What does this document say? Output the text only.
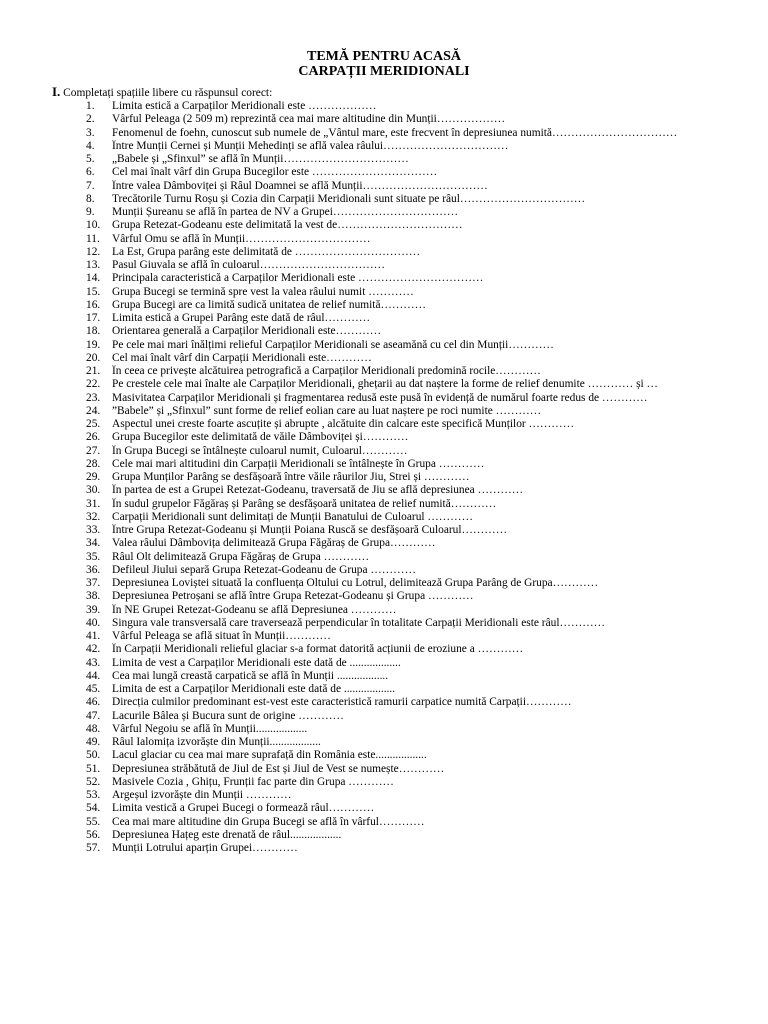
TEMĂ PENTRU ACASĂ
CARPAȚII MERIDIONALI
I. Completați spațiile libere cu răspunsul corect:
1.	Limita estică a Carpaților Meridionali este ………………
2.	Vârful Peleaga (2 509 m) reprezintă cea mai mare altitudine din Munții………………
3.	Fenomenul de foehn, cunoscut sub numele de „Vântul mare, este frecvent în depresiunea numită……………………………
4.	Între Munții Cernei și Munții Mehedinți se află valea râului……………………………
5.	„Babele și „Sfinxul” se află în Munții……………………………
6.	Cel mai înalt vârf din Grupa Bucegilor este ……………………………
7.	Între valea Dâmboviței și Râul Doamnei se află Munții……………………………
8.	Trecătorile Turnu Roșu și Cozia din Carpații Meridionali sunt situate pe râul……………………………
9.	Munții Șureanu se află în partea de NV a Grupei……………………………
10.	Grupa Retezat-Godeanu este delimitată la vest de……………………………
11.	Vârful Omu se află în Munții……………………………
12.	La Est, Grupa parâng este delimitată de ……………………………
13.	Pasul Giuvala se află în culoarul……………………………
14.	Principala caracteristică a Carpaților Meridionali este ……………………………
15.	Grupa Bucegi se termină spre vest la valea râului numit …………
16.	Grupa Bucegi are ca limită sudică unitatea de relief numită…………
17.	Limita estică a Grupei Parâng este dată de râul…………
18.	Orientarea generală a Carpaților Meridionali este…………
19.	Pe cele mai mari înălțimi relieful Carpaților Meridionali se aseamănă cu cel din Munții…………
20.	Cel mai înalt vârf din Carpații Meridionali este…………
21.	În ceea ce privește alcătuirea petrografică a Carpaților Meridionali predomină rocile…………
22.	Pe crestele cele mai înalte ale Carpaților Meridionali, ghețarii au dat naștere la forme de relief denumite ………… și …
23.	Masivitatea Carpaților Meridionali și fragmentarea redusă este pusă în evidență de numărul foarte redus de …………
24.	”Babele” și „Sfinxul” sunt forme de relief eolian care au luat naștere pe roci numite …………
25.	Aspectul unei creste foarte ascuțite și abrupte , alcătuite din calcare este specifică Munților …………
26.	Grupa Bucegilor este delimitată de văile Dâmboviței și…………
27.	În Grupa Bucegi se întâlnește culoarul numit, Culoarul…………
28.	Cele mai mari altitudini din Carpații Meridionali se întâlnește în Grupa …………
29.	Grupa Munților Parâng se desfășoară între văile râurilor Jiu, Strei și …………
30.	În partea de est a Grupei Retezat-Godeanu, traversată de Jiu se află depresiunea …………
31.	În sudul grupelor Făgăraș și Parâng se desfășoară unitatea de relief numită…………
32.	Carpații Meridionali sunt delimitați de Munții Banatului de Culoarul …………
33.	Între Grupa Retezat-Godeanu și Munții Poiana Ruscă se desfășoară Culoarul…………
34.	Valea râului Dâmbovița delimitează Grupa Făgăraș de Grupa…………
35.	Râul Olt delimitează Grupa Făgăraș de Grupa …………
36.	Defileul Jiului separă Grupa Retezat-Godeanu de Grupa …………
37.	Depresiunea Loviștei situată la confluența Oltului cu Lotrul, delimitează Grupa Parâng de Grupa…………
38.	Depresiunea Petroșani se află între Grupa Retezat-Godeanu și Grupa …………
39.	În NE Grupei Retezat-Godeanu se află Depresiunea …………
40.	Singura vale transversală care traversează perpendicular în totalitate Carpații Meridionali este râul…………
41.	Vârful Peleaga se află situat în Munții…………
42.	În Carpații Meridionali relieful glaciar s-a format datorită acțiunii de eroziune a …………
43.	Limita de vest a Carpaților Meridionali este dată de ..................
44.	Cea mai lungă creastă carpatică se află în Munții ..................
45.	Limita de est a Carpaților Meridionali este dată de ..................
46.	Direcția culmilor predominant est-vest este caracteristică ramurii carpatice numită Carpații…………
47.	Lacurile Bâlea și Bucura sunt de origine …………
48.	Vârful Negoiu se află în Munții..................
49.	Râul Ialomița izvorăște din Munții..................
50.	Lacul glaciar cu cea mai mare suprafață din România este..................
51.	Depresiunea străbătută de Jiul de Est și Jiul de Vest se numește…………
52.	Masivele Cozia , Ghițu, Frunții fac parte din Grupa …………
53.	Argeșul izvorăște din Munții …………
54.	Limita vestică a Grupei Bucegi o formează râul…………
55.	Cea mai mare altitudine din Grupa Bucegi se află în vârful…………
56.	Depresiunea Hațeg este drenată de râul..................
57.	Munții Lotrului aparțin Grupei…………
